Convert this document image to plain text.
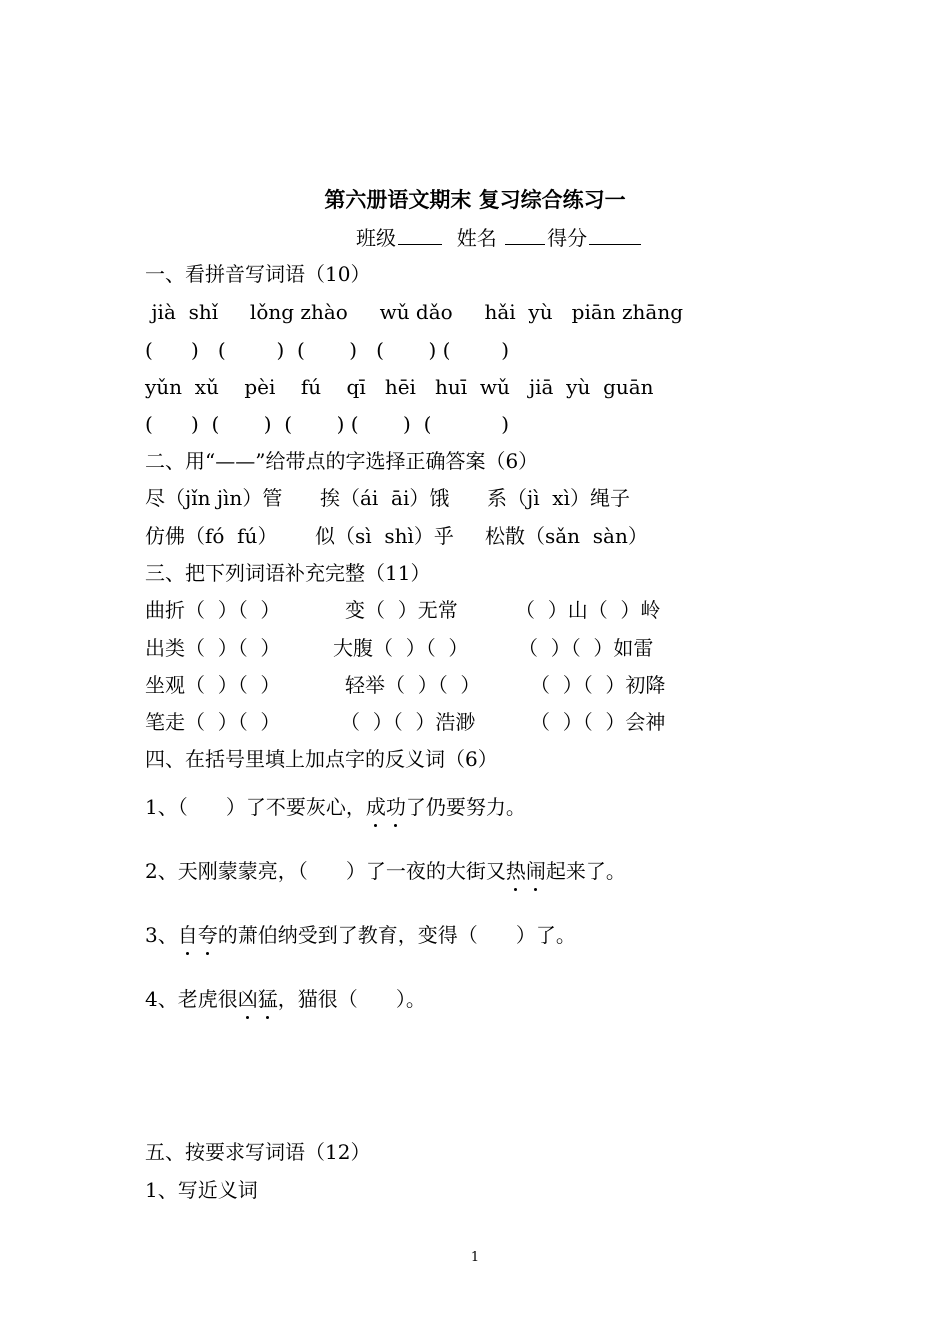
第六册语文期末 复习综合练习一
班级	姓名	得分
一、看拼音写词语（10）
jià  shǐ     lǒng zhào     wǔ dǎo     hǎi  yù   piān zhāng
(      )   (        )  (       )   (       ) (        )
yǔn  xǔ    pèi    fú    qī   hēi   huī  wǔ   jiā  yù  guān
(      )  (       )  (       ) (       )  (           )
二、用“——”给带点的字选择正确答案（6）
尽（jǐn jìn）管 挨（ái  āi）饿 系（jì  xì）绳子
仿佛（fó  fú） 似（sì  shì）乎 松散（sǎn  sàn）
三、把下列词语补充完整（11）
曲折（  ）（  ）	变（  ）无常	（  ）山（  ）岭
出类（  ）（  ）	大腹（  ）（  ） （  ）（  ）如雷
坐观（  ）（  ）	轻举（  ）（  ） （  ）（  ）初降
笔走（  ）（  ）	（  ）（  ）浩渺	（  ）（  ）会神
四、在括号里填上加点字的反义词（6）
1、（      ）了不要灰心，成功了仍要努力。
2、天刚蒙蒙亮，（      ）了一夜的大街又热闹起来了。
3、自夸的萧伯纳受到了教育，变得（      ）了。
4、老虎很凶猛，猫很（      ）。
五、按要求写词语（12）
1、写近义词
1
